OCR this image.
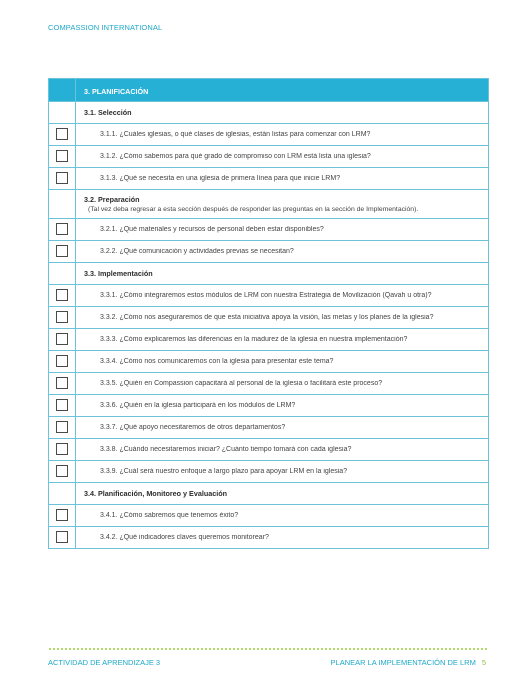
COMPASSION INTERNATIONAL
	3. PLANIFICACIÓN

	3.1. Selección

	3.1.1. ¿Cuáles iglesias, o qué clases de iglesias, están listas para comenzar con LRM?

	3.1.2. ¿Cómo sabemos para qué grado de compromiso con LRM está lista una iglesia?

	3.1.3. ¿Qué se necesita en una iglesia de primera línea para que inicie LRM?

	3.2. Preparación
(Tal vez deba regresar a esta sección después de responder las preguntas en la sección de Implementación).

	3.2.1. ¿Qué materiales y recursos de personal deben estar disponibles?

	3.2.2. ¿Qué comunicación y actividades previas se necesitan?

	3.3. Implementación

	3.3.1. ¿Cómo integraremos estos módulos de LRM con nuestra Estrategia de Movilización (Qavah u otra)?

	3.3.2. ¿Cómo nos aseguraremos de que esta iniciativa apoya la visión, las metas y los planes de la iglesia?

	3.3.3. ¿Cómo explicaremos las diferencias en la madurez de la iglesia en nuestra implementación?

	3.3.4. ¿Cómo nos comunicaremos con la iglesia para presentar este tema?

	3.3.5. ¿Quién en Compassion capacitará al personal de la iglesia o facilitará este proceso?

	3.3.6. ¿Quién en la iglesia participará en los módulos de LRM?

	3.3.7. ¿Qué apoyo necesitaremos de otros departamentos?

	3.3.8. ¿Cuándo necesitaremos iniciar? ¿Cuánto tiempo tomará con cada iglesia?

	3.3.9. ¿Cuál será nuestro enfoque a largo plazo para apoyar LRM en la iglesia?

	3.4. Planificación, Monitoreo y Evaluación

	3.4.1. ¿Cómo sabremos que tenemos éxito?

	3.4.2. ¿Qué indicadores claves queremos monitorear?
ACTIVIDAD DE APRENDIZAJE 3	PLANEAR LA IMPLEMENTACIÓN DE LRM 5
